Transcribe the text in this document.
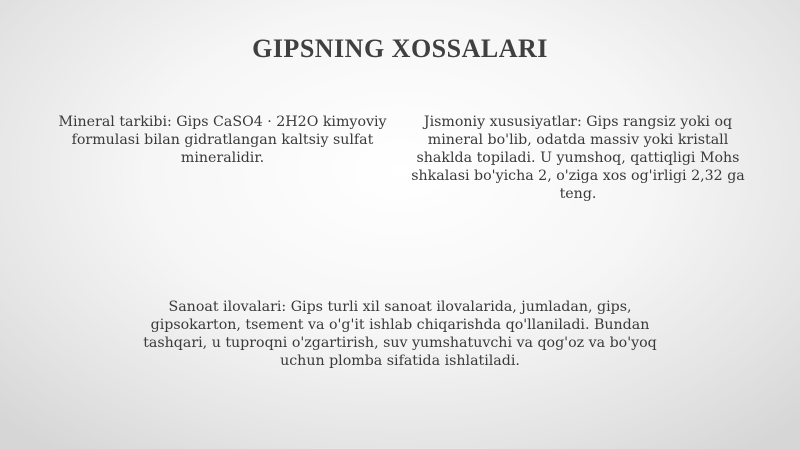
GIPSNING XOSSALARI
Mineral tarkibi: Gips CaSO4 · 2H2O kimyoviy formulasi bilan gidratlangan kaltsiy sulfat mineralidir.
Jismoniy xususiyatlar: Gips rangsiz yoki oq mineral bo'lib, odatda massiv yoki kristall shaklda topiladi. U yumshoq, qattiqligi Mohs shkalasi bo'yicha 2, o'ziga xos og'irligi 2,32 ga teng.
Sanoat ilovalari: Gips turli xil sanoat ilovalarida, jumladan, gips, gipsokarton, tsement va o'g'it ishlab chiqarishda qo'llaniladi. Bundan tashqari, u tuproqni o'zgartirish, suv yumshatuvchi va qog'oz va bo'yoq uchun plomba sifatida ishlatiladi.
